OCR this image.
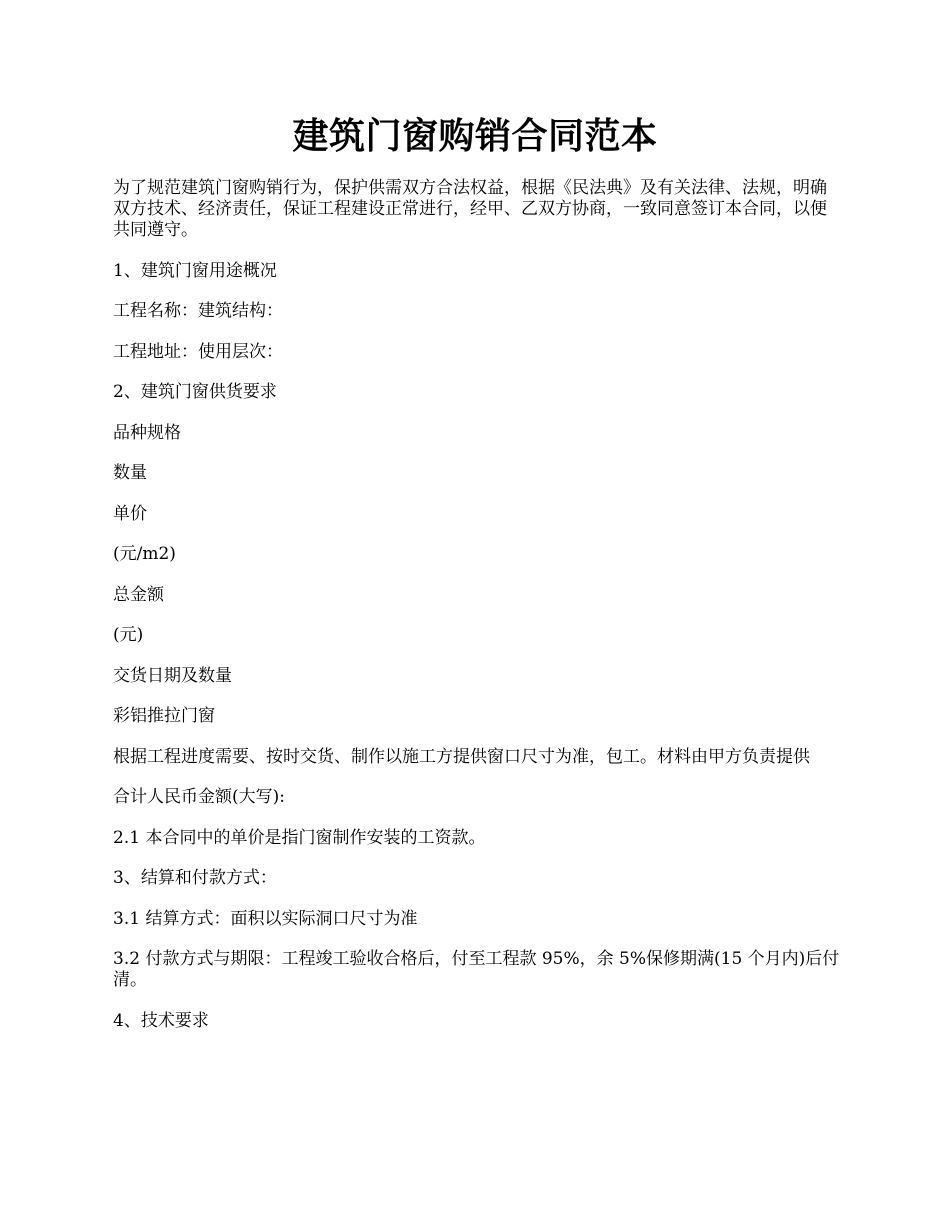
建筑门窗购销合同范本

为了规范建筑门窗购销行为，保护供需双方合法权益，根据《民法典》及有关法律、法规，明确双方技术、经济责任，保证工程建设正常进行，经甲、乙双方协商，一致同意签订本合同，以便共同遵守。

1、建筑门窗用途概况

工程名称：建筑结构：

工程地址：使用层次：

2、建筑门窗供货要求

品种规格

数量

单价

(元/m2)

总金额

(元)

交货日期及数量

彩铝推拉门窗

根据工程进度需要、按时交货、制作以施工方提供窗口尺寸为准，包工。材料由甲方负责提供

合计人民币金额(大写):

2.1 本合同中的单价是指门窗制作安装的工资款。

3、结算和付款方式：

3.1 结算方式：面积以实际洞口尺寸为准

3.2 付款方式与期限：工程竣工验收合格后，付至工程款 95%，余 5%保修期满(15 个月内)后付清。

4、技术要求
